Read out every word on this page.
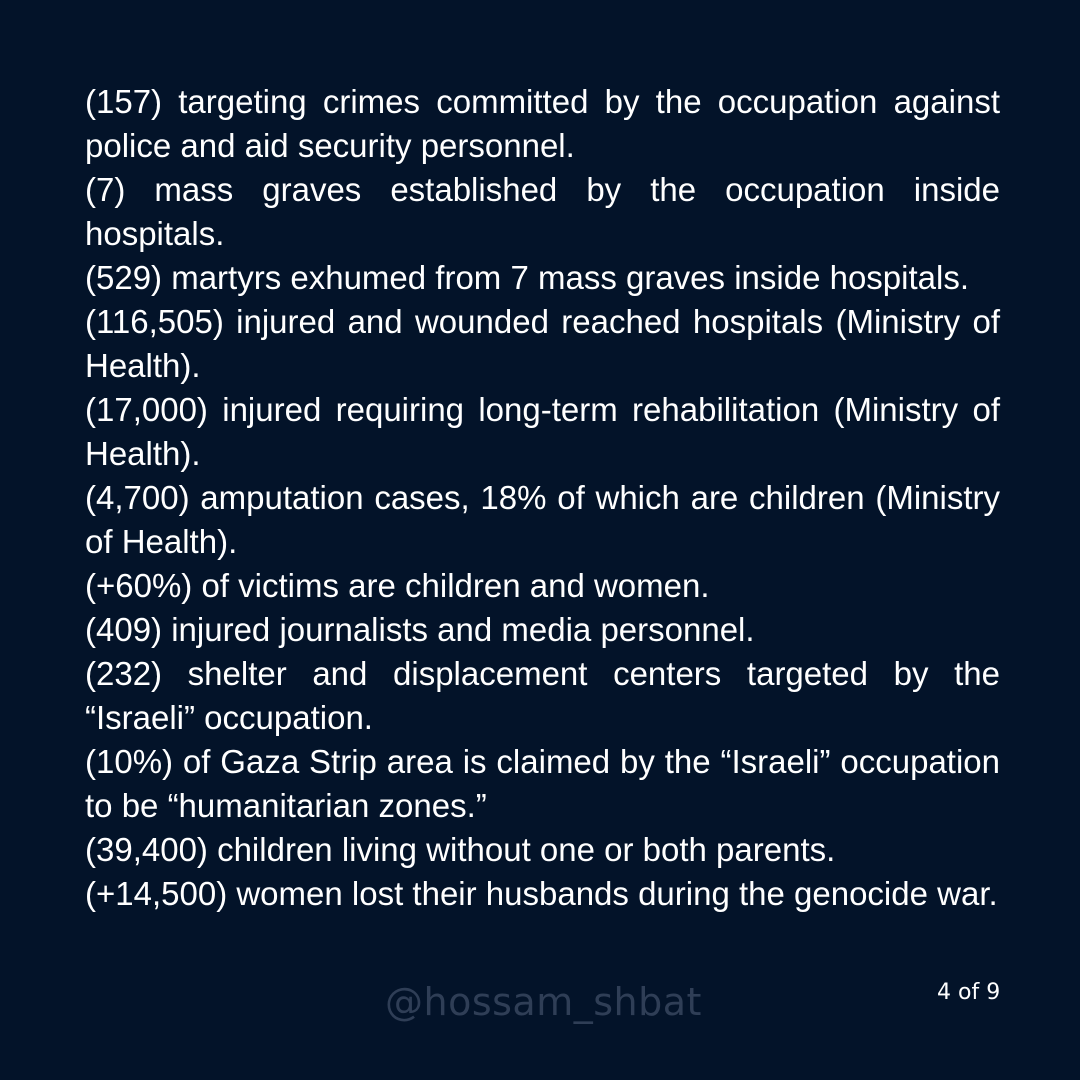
(157) targeting crimes committed by the occupation against police and aid security personnel.
(7) mass graves established by the occupation inside hospitals.
(529) martyrs exhumed from 7 mass graves inside hospitals.
(116,505) injured and wounded reached hospitals (Ministry of Health).
(17,000) injured requiring long-term rehabilitation (Ministry of Health).
(4,700) amputation cases, 18% of which are children (Ministry of Health).
(+60%) of victims are children and women.
(409) injured journalists and media personnel.
(232) shelter and displacement centers targeted by the “Israeli” occupation.
(10%) of Gaza Strip area is claimed by the “Israeli” occupation to be “humanitarian zones.”
(39,400) children living without one or both parents.
(+14,500) women lost their husbands during the genocide war.
@hossam_shbat	4 of 9
